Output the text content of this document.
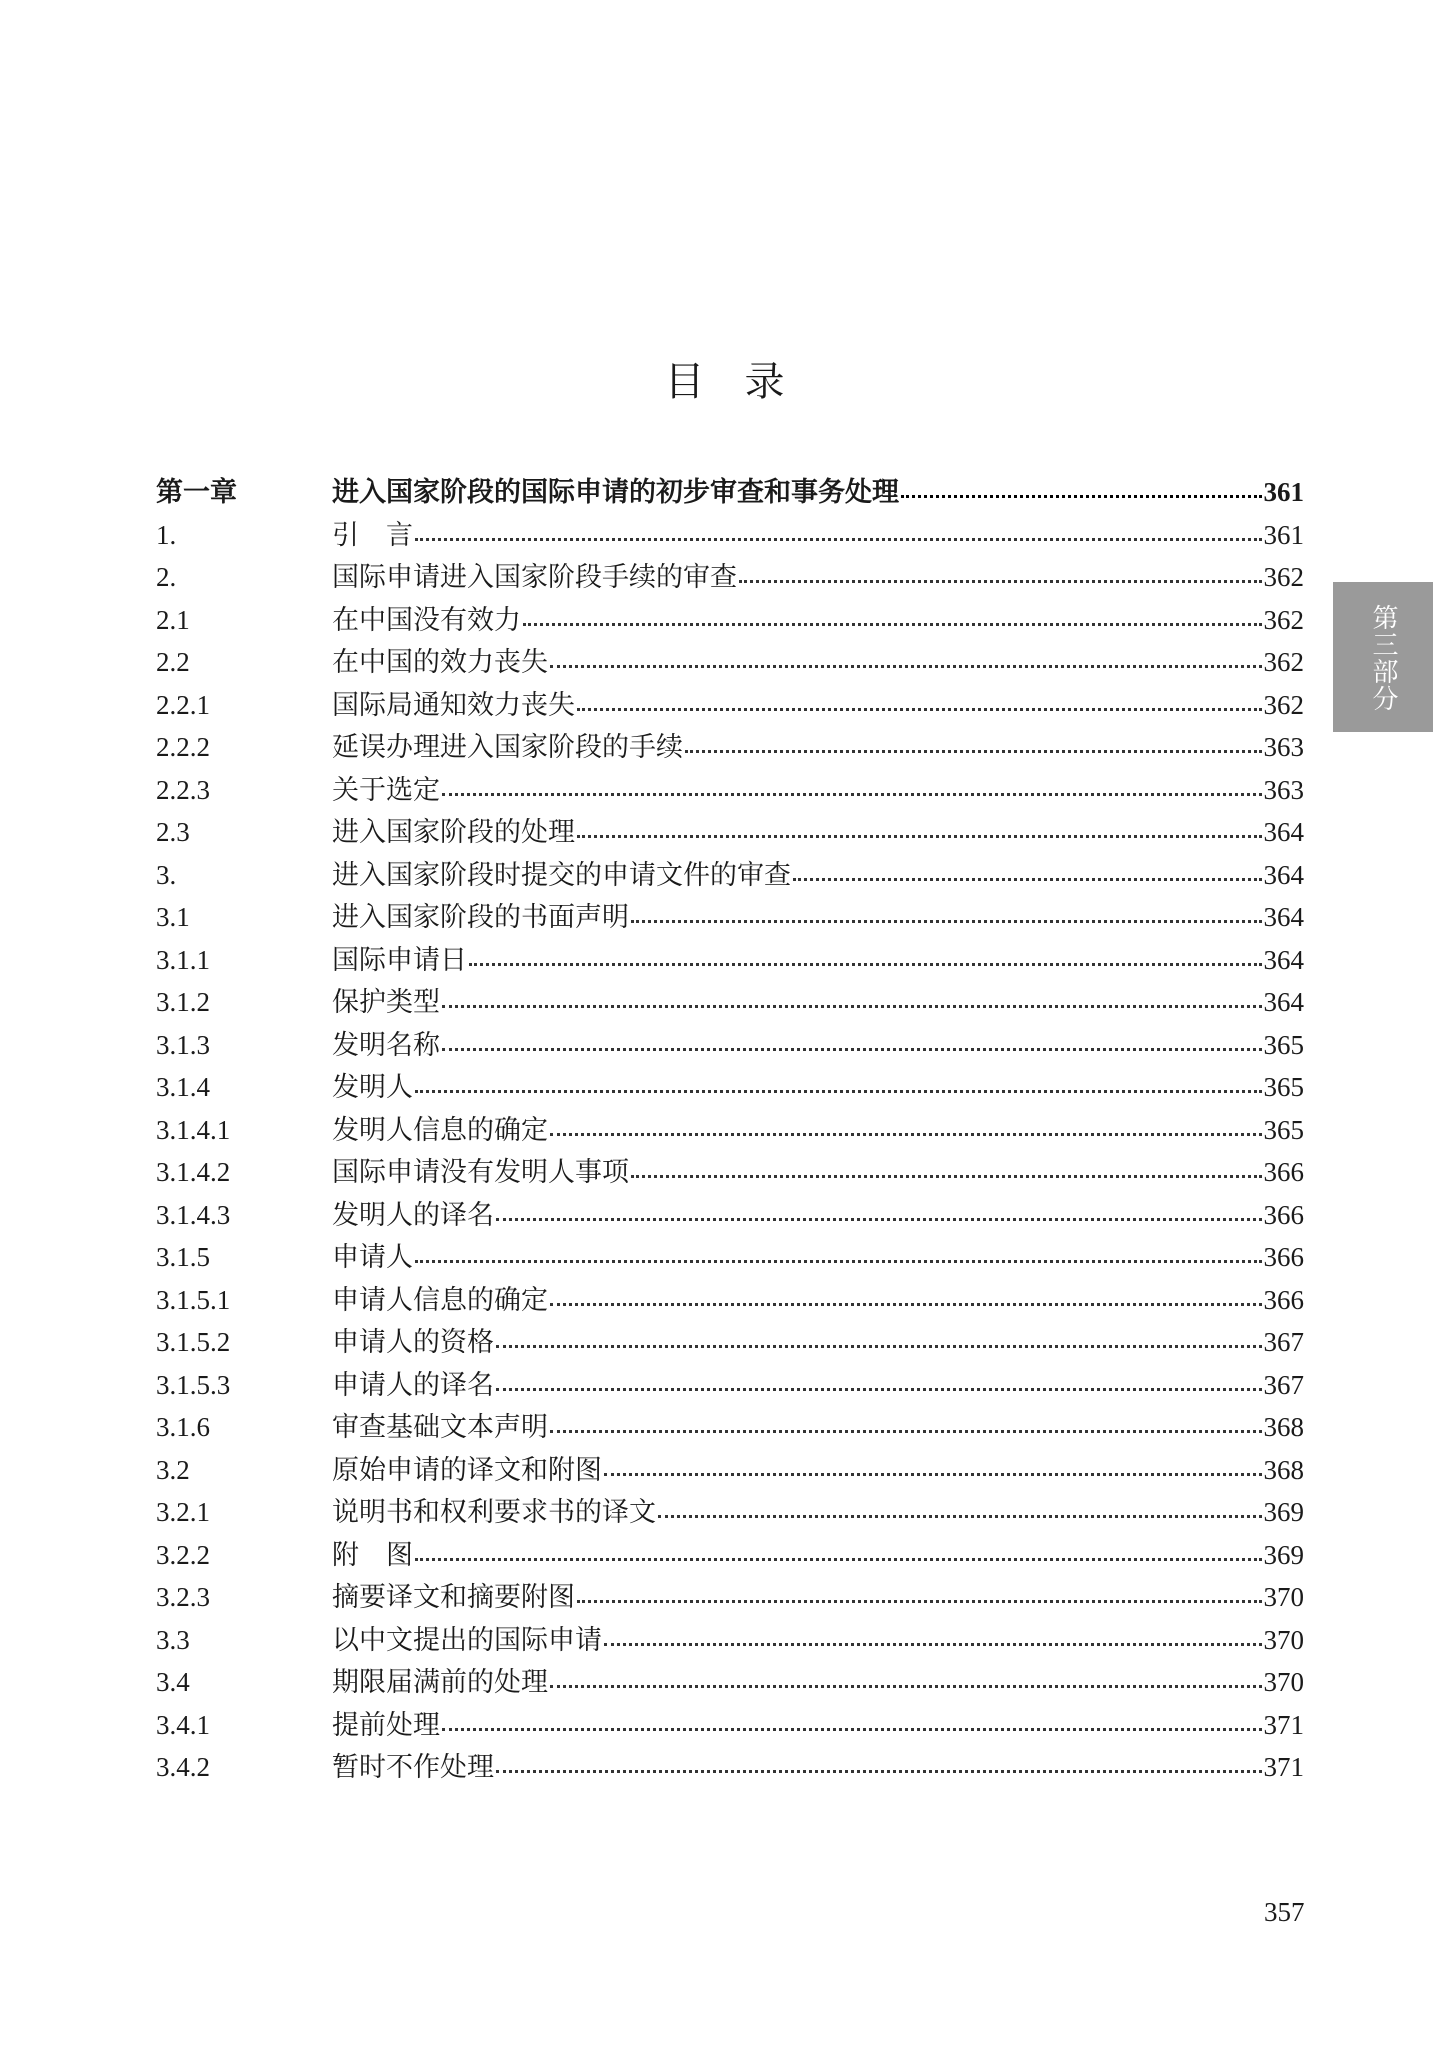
目　录
第一章	进入国家阶段的国际申请的初步审查和事务处理	361
1.	引　言	361
2.	国际申请进入国家阶段手续的审查	362
2.1	在中国没有效力	362
2.2	在中国的效力丧失	362
2.2.1	国际局通知效力丧失	362
2.2.2	延误办理进入国家阶段的手续	363
2.2.3	关于选定	363
2.3	进入国家阶段的处理	364
3.	进入国家阶段时提交的申请文件的审查	364
3.1	进入国家阶段的书面声明	364
3.1.1	国际申请日	364
3.1.2	保护类型	364
3.1.3	发明名称	365
3.1.4	发明人	365
3.1.4.1	发明人信息的确定	365
3.1.4.2	国际申请没有发明人事项	366
3.1.4.3	发明人的译名	366
3.1.5	申请人	366
3.1.5.1	申请人信息的确定	366
3.1.5.2	申请人的资格	367
3.1.5.3	申请人的译名	367
3.1.6	审查基础文本声明	368
3.2	原始申请的译文和附图	368
3.2.1	说明书和权利要求书的译文	369
3.2.2	附　图	369
3.2.3	摘要译文和摘要附图	370
3.3	以中文提出的国际申请	370
3.4	期限届满前的处理	370
3.4.1	提前处理	371
3.4.2	暂时不作处理	371
第三部分
357
